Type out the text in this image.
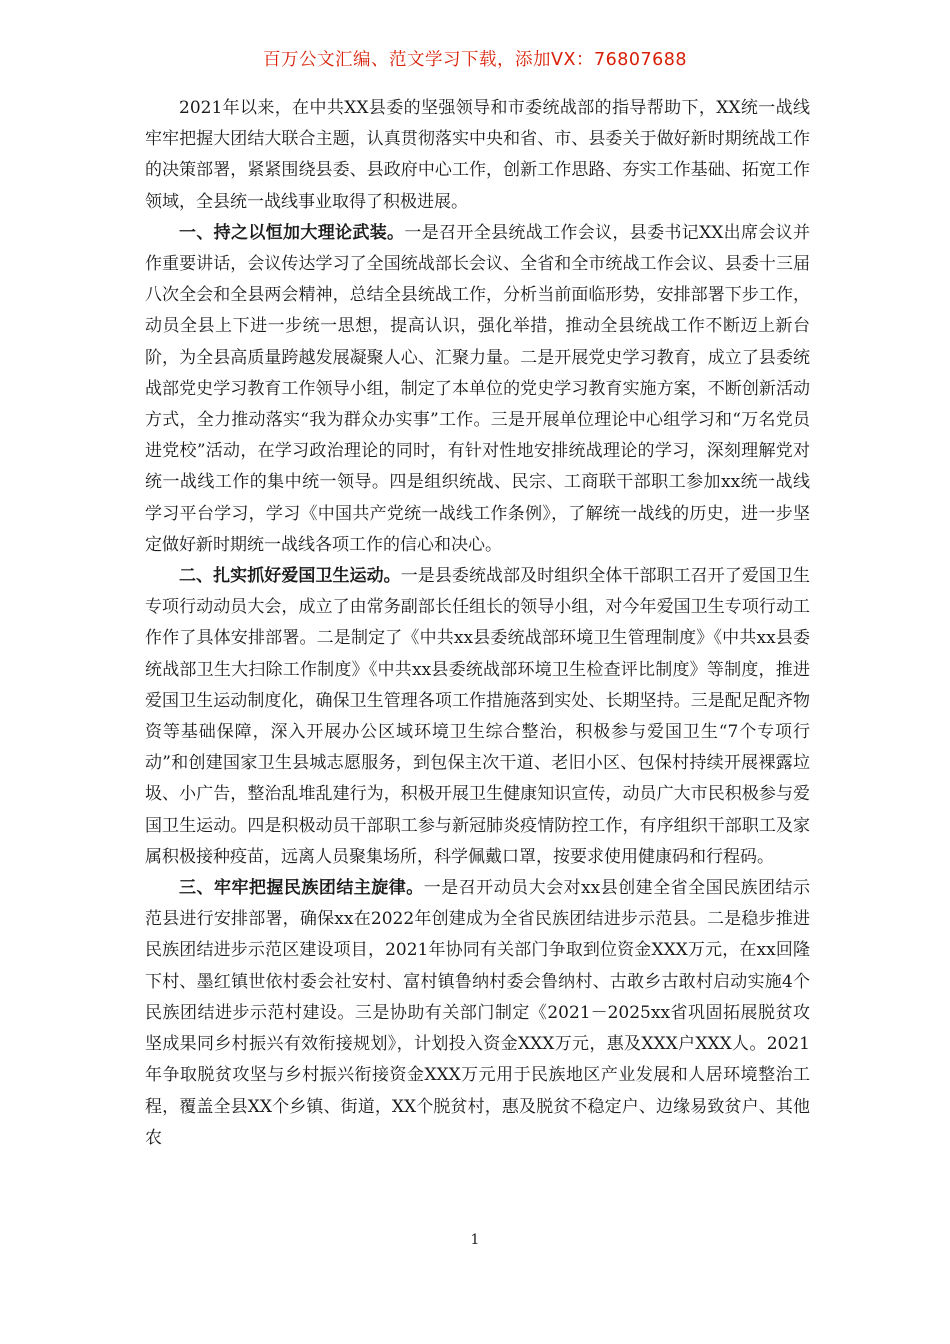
百万公文汇编、范文学习下载，添加VX：76807688

2021年以来，在中共XX县委的坚强领导和市委统战部的指导帮助下，XX统一战线牢牢把握大团结大联合主题，认真贯彻落实中央和省、市、县委关于做好新时期统战工作的决策部署，紧紧围绕县委、县政府中心工作，创新工作思路、夯实工作基础、拓宽工作领域，全县统一战线事业取得了积极进展。

一、持之以恒加大理论武装。一是召开全县统战工作会议，县委书记XX出席会议并作重要讲话，会议传达学习了全国统战部长会议、全省和全市统战工作会议、县委十三届八次全会和全县两会精神，总结全县统战工作，分析当前面临形势，安排部署下步工作，动员全县上下进一步统一思想，提高认识，强化举措，推动全县统战工作不断迈上新台阶，为全县高质量跨越发展凝聚人心、汇聚力量。二是开展党史学习教育，成立了县委统战部党史学习教育工作领导小组，制定了本单位的党史学习教育实施方案，不断创新活动方式，全力推动落实“我为群众办实事”工作。三是开展单位理论中心组学习和“万名党员进党校”活动，在学习政治理论的同时，有针对性地安排统战理论的学习，深刻理解党对统一战线工作的集中统一领导。四是组织统战、民宗、工商联干部职工参加xx统一战线学习平台学习，学习《中国共产党统一战线工作条例》，了解统一战线的历史，进一步坚定做好新时期统一战线各项工作的信心和决心。

二、扎实抓好爱国卫生运动。一是县委统战部及时组织全体干部职工召开了爱国卫生专项行动动员大会，成立了由常务副部长任组长的领导小组，对今年爱国卫生专项行动工作作了具体安排部署。二是制定了《中共xx县委统战部环境卫生管理制度》《中共xx县委统战部卫生大扫除工作制度》《中共xx县委统战部环境卫生检查评比制度》等制度，推进爱国卫生运动制度化，确保卫生管理各项工作措施落到实处、长期坚持。三是配足配齐物资等基础保障，深入开展办公区域环境卫生综合整治，积极参与爱国卫生“7个专项行动”和创建国家卫生县城志愿服务，到包保主次干道、老旧小区、包保村持续开展裸露垃圾、小广告，整治乱堆乱建行为，积极开展卫生健康知识宣传，动员广大市民积极参与爱国卫生运动。四是积极动员干部职工参与新冠肺炎疫情防控工作，有序组织干部职工及家属积极接种疫苗，远离人员聚集场所，科学佩戴口罩，按要求使用健康码和行程码。

三、牢牢把握民族团结主旋律。一是召开动员大会对xx县创建全省全国民族团结示范县进行安排部署，确保xx在2022年创建成为全省民族团结进步示范县。二是稳步推进民族团结进步示范区建设项目，2021年协同有关部门争取到位资金XXX万元，在xx回隆下村、墨红镇世依村委会社安村、富村镇鲁纳村委会鲁纳村、古敢乡古敢村启动实施4个民族团结进步示范村建设。三是协助有关部门制定《2021－2025xx省巩固拓展脱贫攻坚成果同乡村振兴有效衔接规划》，计划投入资金XXX万元，惠及XXX户XXX人。2021年争取脱贫攻坚与乡村振兴衔接资金XXX万元用于民族地区产业发展和人居环境整治工程，覆盖全县XX个乡镇、街道，XX个脱贫村，惠及脱贫不稳定户、边缘易致贫户、其他农

1
